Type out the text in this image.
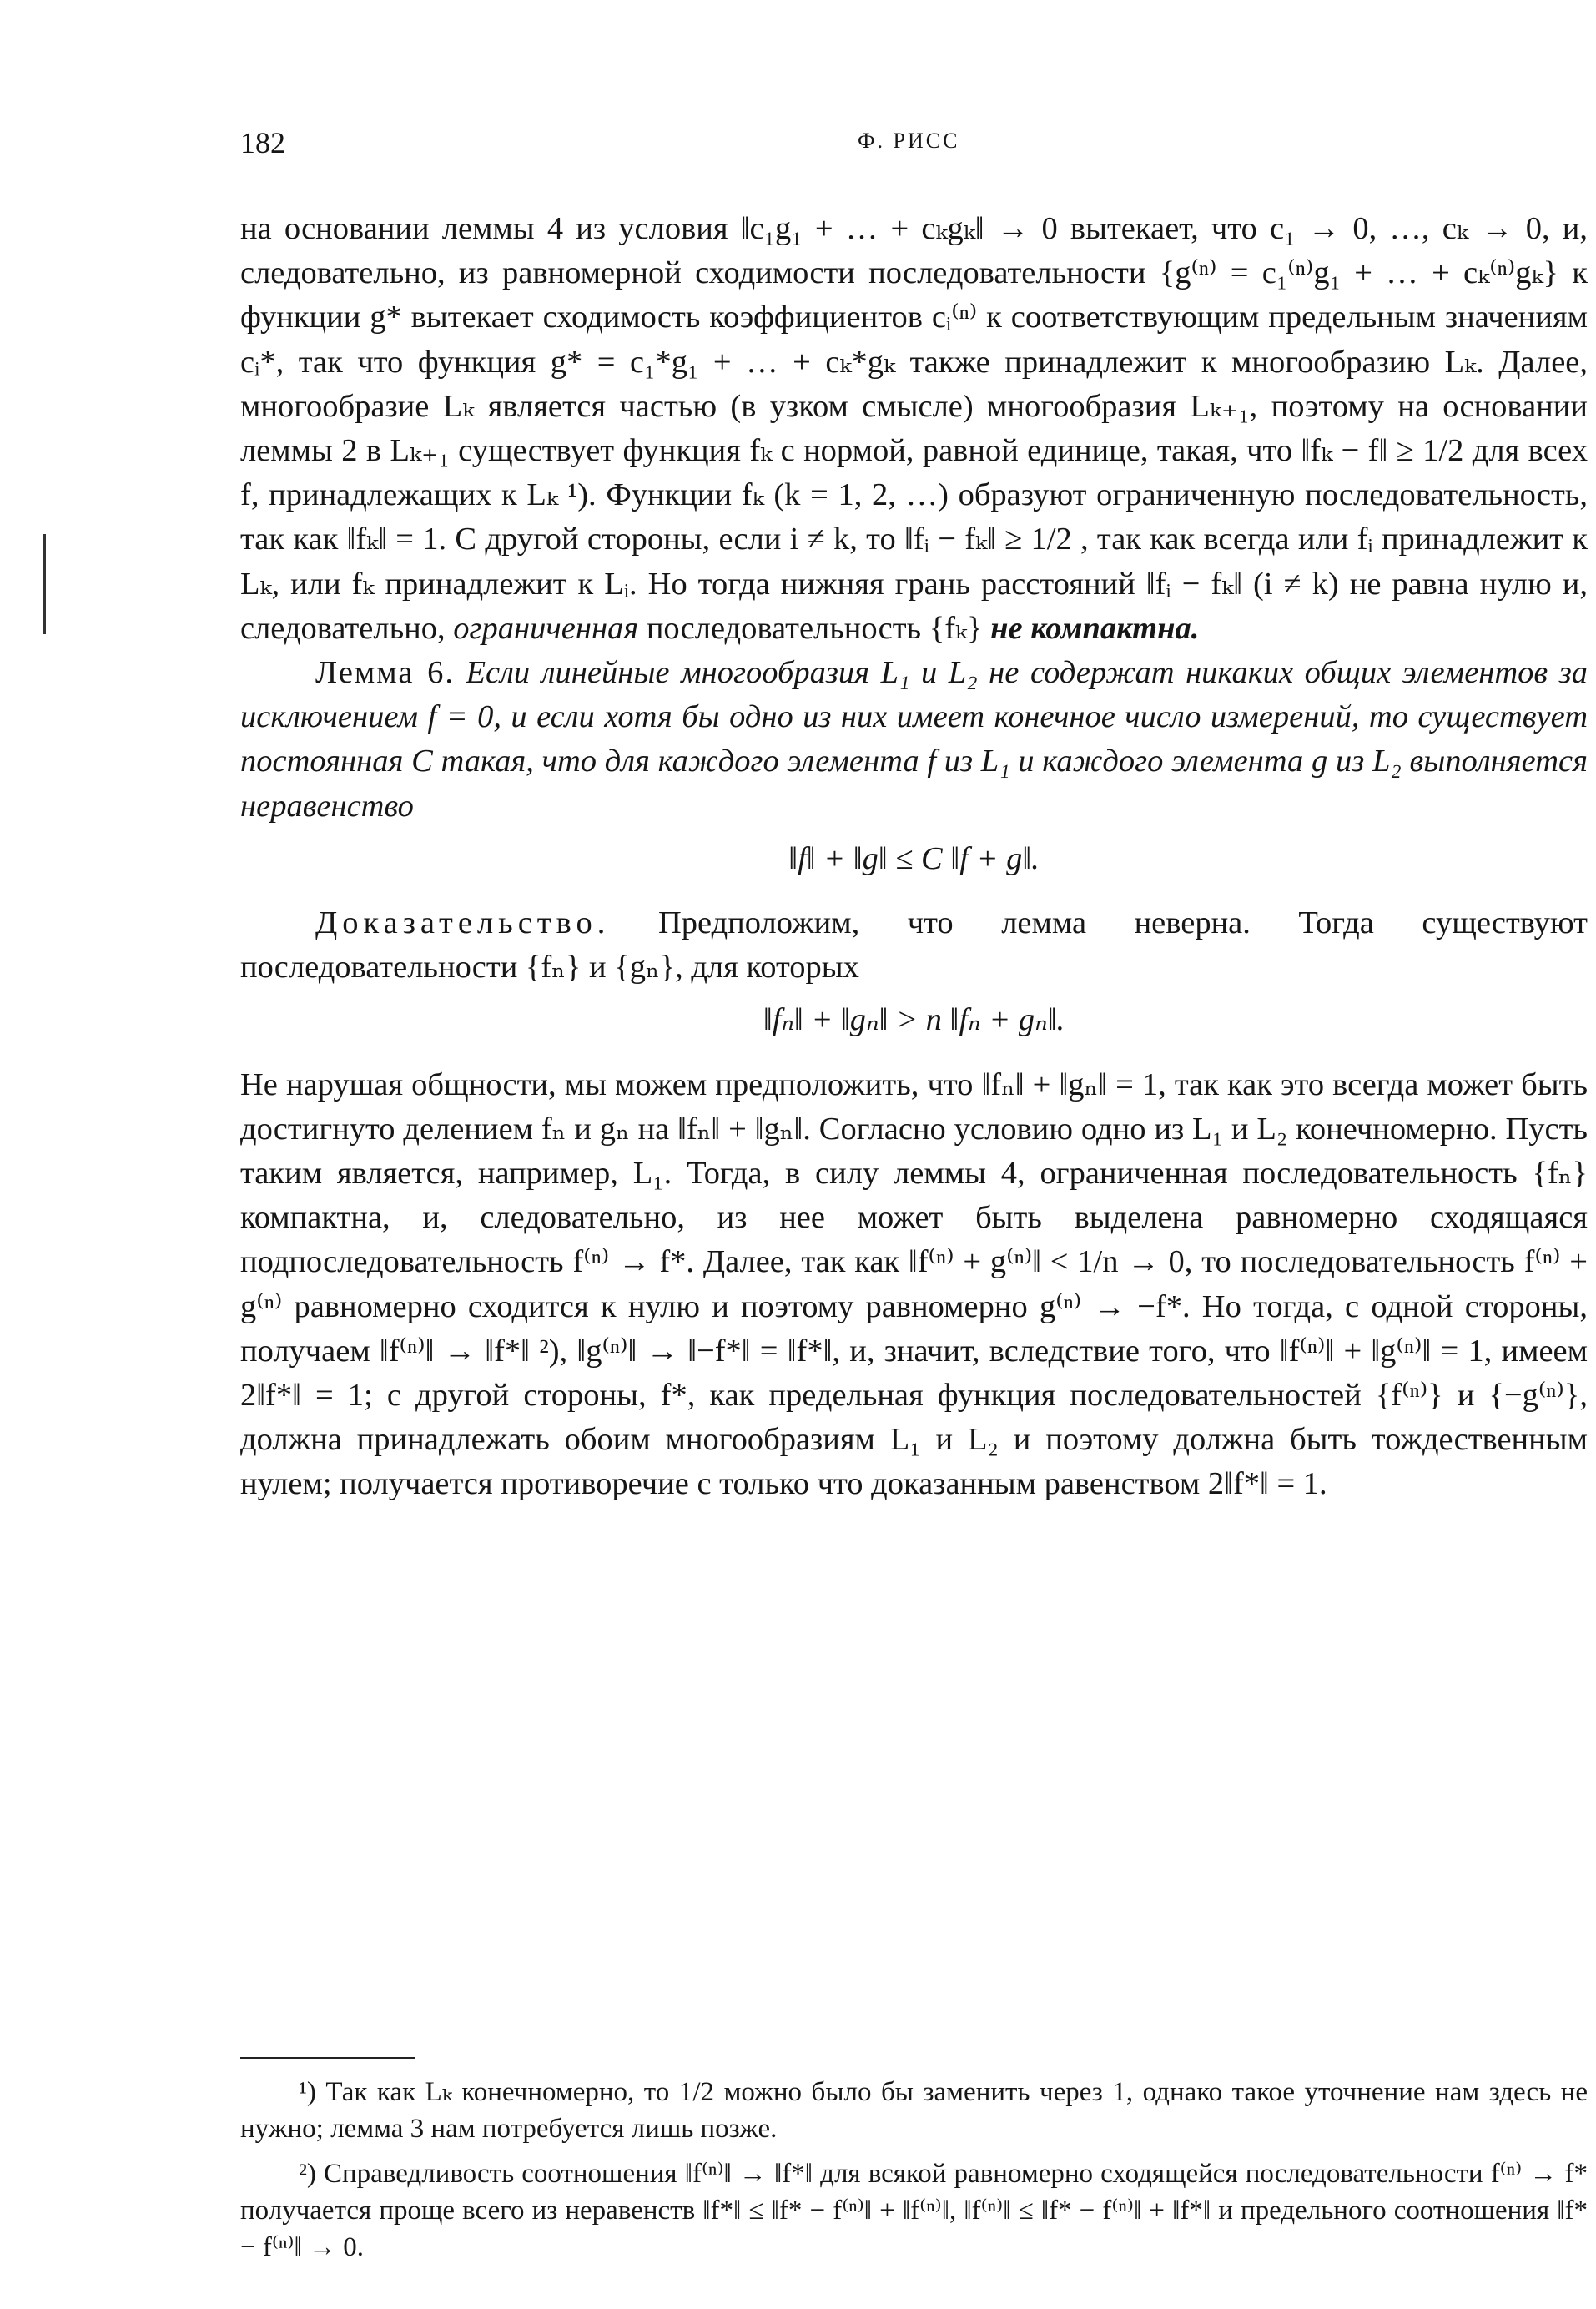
182	Ф. РИСС

на основании леммы 4 из условия ‖c₁g₁ + … + cₖgₖ‖ → 0 вытекает, что c₁ → 0, …, cₖ → 0, и, следовательно, из равномерной сходимости последовательности {g⁽ⁿ⁾ = c₁⁽ⁿ⁾g₁ + … + cₖ⁽ⁿ⁾gₖ} к функции g* вытекает сходимость коэффициентов cᵢ⁽ⁿ⁾ к соответствующим предельным значениям cᵢ*, так что функция g* = c₁*g₁ + … + cₖ*gₖ также принадлежит к многообразию Lₖ. Далее, многообразие Lₖ является частью (в узком смысле) многообразия Lₖ₊₁, поэтому на основании леммы 2 в Lₖ₊₁ существует функция fₖ с нормой, равной единице, такая, что ‖fₖ − f‖ ≥ 1/2 для всех f, принадлежащих к Lₖ ¹). Функции fₖ (k = 1, 2, …) образуют ограниченную последовательность, так как ‖fₖ‖ = 1. С другой стороны, если i ≠ k, то ‖fᵢ − fₖ‖ ≥ 1/2 , так как всегда или fᵢ принадлежит к Lₖ, или fₖ принадлежит к Lᵢ. Но тогда нижняя грань расстояний ‖fᵢ − fₖ‖ (i ≠ k) не равна нулю и, следовательно, ограниченная последовательность {fₖ} не компактна.

Лемма 6. Если линейные многообразия L₁ и L₂ не содержат никаких общих элементов за исключением f = 0, и если хотя бы одно из них имеет конечное число измерений, то существует постоянная C такая, что для каждого элемента f из L₁ и каждого элемента g из L₂ выполняется неравенство

‖f‖ + ‖g‖ ≤ C ‖f + g‖.

Доказательство. Предположим, что лемма неверна. Тогда существуют последовательности {fₙ} и {gₙ}, для которых

‖fₙ‖ + ‖gₙ‖ > n ‖fₙ + gₙ‖.

Не нарушая общности, мы можем предположить, что ‖fₙ‖ + ‖gₙ‖ = 1, так как это всегда может быть достигнуто делением fₙ и gₙ на ‖fₙ‖ + ‖gₙ‖. Согласно условию одно из L₁ и L₂ конечномерно. Пусть таким является, например, L₁. Тогда, в силу леммы 4, ограниченная последовательность {fₙ} компактна, и, следовательно, из нее может быть выделена равномерно сходящаяся подпоследовательность f⁽ⁿ⁾ → f*. Далее, так как ‖f⁽ⁿ⁾ + g⁽ⁿ⁾‖ < 1/n → 0, то последовательность f⁽ⁿ⁾ + g⁽ⁿ⁾ равномерно сходится к нулю и поэтому равномерно g⁽ⁿ⁾ → −f*. Но тогда, с одной стороны, получаем ‖f⁽ⁿ⁾‖ → ‖f*‖ ²), ‖g⁽ⁿ⁾‖ → ‖−f*‖ = ‖f*‖, и, значит, вследствие того, что ‖f⁽ⁿ⁾‖ + ‖g⁽ⁿ⁾‖ = 1, имеем 2‖f*‖ = 1; с другой стороны, f*, как предельная функция последовательностей {f⁽ⁿ⁾} и {−g⁽ⁿ⁾}, должна принадлежать обоим многообразиям L₁ и L₂ и поэтому должна быть тождественным нулем; получается противоречие с только что доказанным равенством 2‖f*‖ = 1.

¹) Так как Lₖ конечномерно, то 1/2 можно было бы заменить через 1, однако такое уточнение нам здесь не нужно; лемма 3 нам потребуется лишь позже.

²) Справедливость соотношения ‖f⁽ⁿ⁾‖ → ‖f*‖ для всякой равномерно сходящейся последовательности f⁽ⁿ⁾ → f* получается проще всего из неравенств ‖f*‖ ≤ ‖f* − f⁽ⁿ⁾‖ + ‖f⁽ⁿ⁾‖, ‖f⁽ⁿ⁾‖ ≤ ‖f* − f⁽ⁿ⁾‖ + ‖f*‖ и предельного соотношения ‖f* − f⁽ⁿ⁾‖ → 0.
